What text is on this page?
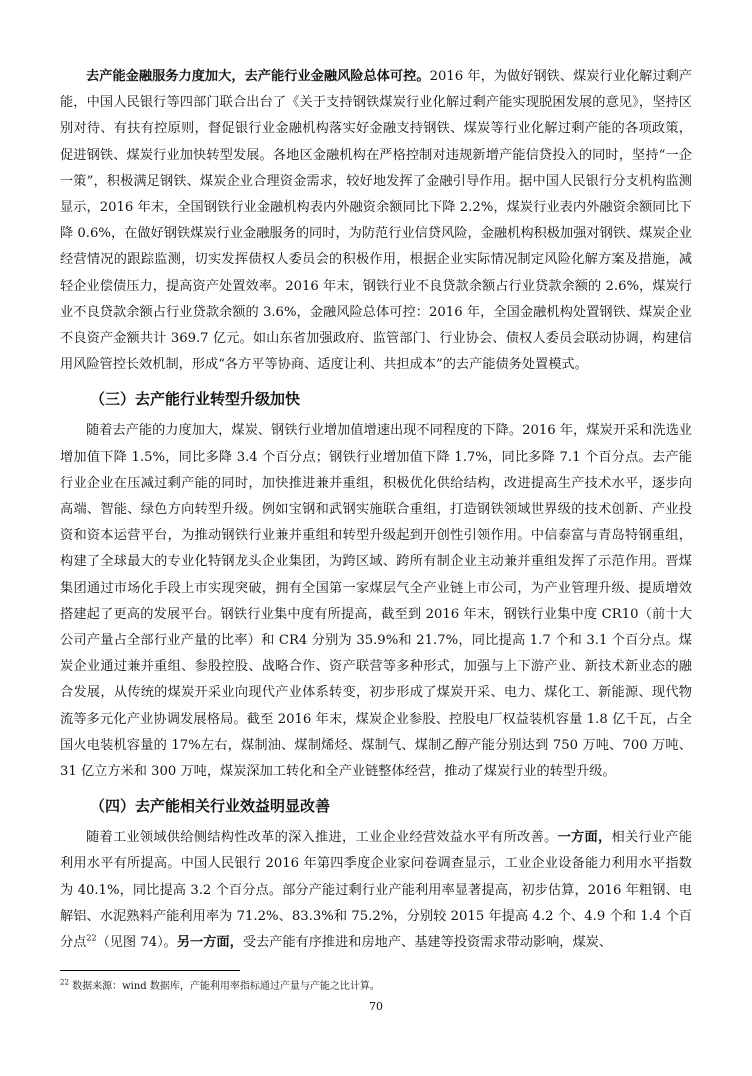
去产能金融服务力度加大，去产能行业金融风险总体可控。2016 年，为做好钢铁、煤炭行业化解过剩产能，中国人民银行等四部门联合出台了《关于支持钢铁煤炭行业化解过剩产能实现脱困发展的意见》，坚持区别对待、有扶有控原则，督促银行业金融机构落实好金融支持钢铁、煤炭等行业化解过剩产能的各项政策，促进钢铁、煤炭行业加快转型发展。各地区金融机构在严格控制对违规新增产能信贷投入的同时，坚持“一企一策”，积极满足钢铁、煤炭企业合理资金需求，较好地发挥了金融引导作用。据中国人民银行分支机构监测显示，2016 年末，全国钢铁行业金融机构表内外融资余额同比下降 2.2%，煤炭行业表内外融资余额同比下降 0.6%，在做好钢铁煤炭行业金融服务的同时，为防范行业信贷风险，金融机构积极加强对钢铁、煤炭企业经营情况的跟踪监测，切实发挥债权人委员会的积极作用，根据企业实际情况制定风险化解方案及措施，减轻企业偿债压力，提高资产处置效率。2016 年末，钢铁行业不良贷款余额占行业贷款余额的 2.6%，煤炭行业不良贷款余额占行业贷款余额的 3.6%，金融风险总体可控：2016 年，全国金融机构处置钢铁、煤炭企业不良资产金额共计 369.7 亿元。如山东省加强政府、监管部门、行业协会、债权人委员会联动协调，构建信用风险管控长效机制，形成“各方平等协商、适度让利、共担成本”的去产能债务处置模式。

（三）去产能行业转型升级加快

随着去产能的力度加大，煤炭、钢铁行业增加值增速出现不同程度的下降。2016 年，煤炭开采和洗选业增加值下降 1.5%，同比多降 3.4 个百分点；钢铁行业增加值下降 1.7%，同比多降 7.1 个百分点。去产能行业企业在压减过剩产能的同时，加快推进兼并重组，积极优化供给结构，改进提高生产技术水平，逐步向高端、智能、绿色方向转型升级。例如宝钢和武钢实施联合重组，打造钢铁领域世界级的技术创新、产业投资和资本运营平台，为推动钢铁行业兼并重组和转型升级起到开创性引领作用。中信泰富与青岛特钢重组，构建了全球最大的专业化特钢龙头企业集团，为跨区域、跨所有制企业主动兼并重组发挥了示范作用。晋煤集团通过市场化手段上市实现突破，拥有全国第一家煤层气全产业链上市公司，为产业管理升级、提质增效搭建起了更高的发展平台。钢铁行业集中度有所提高，截至到 2016 年末，钢铁行业集中度 CR10（前十大公司产量占全部行业产量的比率）和 CR4 分别为 35.9%和 21.7%，同比提高 1.7 个和 3.1 个百分点。煤炭企业通过兼并重组、参股控股、战略合作、资产联营等多种形式，加强与上下游产业、新技术新业态的融合发展，从传统的煤炭开采业向现代产业体系转变，初步形成了煤炭开采、电力、煤化工、新能源、现代物流等多元化产业协调发展格局。截至 2016 年末，煤炭企业参股、控股电厂权益装机容量 1.8 亿千瓦，占全国火电装机容量的 17%左右，煤制油、煤制烯烃、煤制气、煤制乙醇产能分别达到 750 万吨、700 万吨、31 亿立方米和 300 万吨，煤炭深加工转化和全产业链整体经营，推动了煤炭行业的转型升级。

（四）去产能相关行业效益明显改善

随着工业领域供给侧结构性改革的深入推进，工业企业经营效益水平有所改善。一方面，相关行业产能利用水平有所提高。中国人民银行 2016 年第四季度企业家问卷调查显示，工业企业设备能力利用水平指数为 40.1%，同比提高 3.2 个百分点。部分产能过剩行业产能利用率显著提高，初步估算，2016 年粗钢、电解铝、水泥熟料产能利用率为 71.2%、83.3%和 75.2%，分别较 2015 年提高 4.2 个、4.9 个和 1.4 个百分点$^{22}$（见图 74）。另一方面，受去产能有序推进和房地产、基建等投资需求带动影响，煤炭、

$^{22}$ 数据来源：wind 数据库，产能利用率指标通过产量与产能之比计算。
70
